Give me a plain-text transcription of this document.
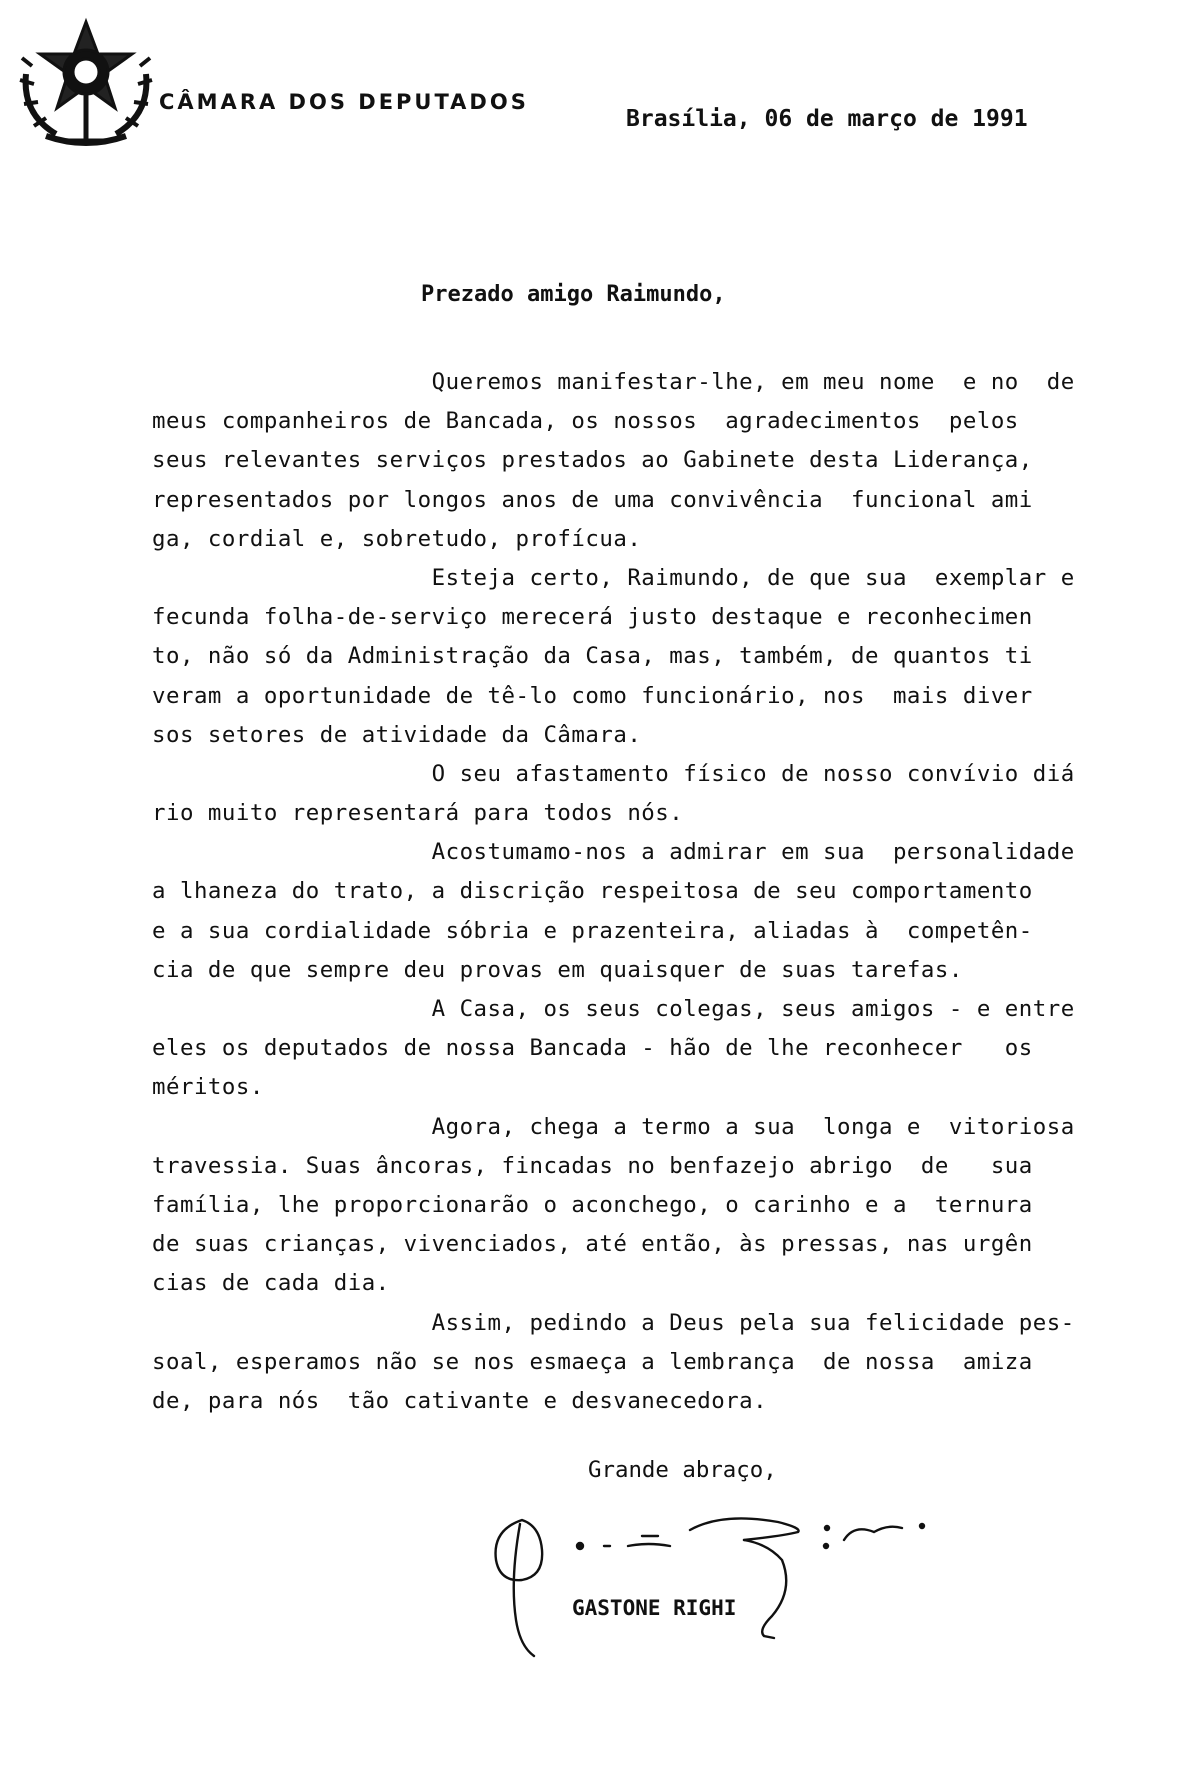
CÂMARA DOS DEPUTADOS
Brasília, 06 de março de 1991
Prezado amigo Raimundo,
Queremos manifestar-lhe, em meu nome  e no  de
meus companheiros de Bancada, os nossos  agradecimentos  pelos
seus relevantes serviços prestados ao Gabinete desta Liderança,
representados por longos anos de uma convivência  funcional ami
ga, cordial e, sobretudo, profícua.
Esteja certo, Raimundo, de que sua  exemplar e
fecunda folha-de-serviço merecerá justo destaque e reconhecimen
to, não só da Administração da Casa, mas, também, de quantos ti
veram a oportunidade de tê-lo como funcionário, nos  mais diver
sos setores de atividade da Câmara.
O seu afastamento físico de nosso convívio diá
rio muito representará para todos nós.
Acostumamo-nos a admirar em sua  personalidade
a lhaneza do trato, a discrição respeitosa de seu comportamento
e a sua cordialidade sóbria e prazenteira, aliadas à  competên-
cia de que sempre deu provas em quaisquer de suas tarefas.
A Casa, os seus colegas, seus amigos - e entre
eles os deputados de nossa Bancada - hão de lhe reconhecer   os
méritos.
Agora, chega a termo a sua  longa e  vitoriosa
travessia. Suas âncoras, fincadas no benfazejo abrigo  de   sua
família, lhe proporcionarão o aconchego, o carinho e a  ternura
de suas crianças, vivenciados, até então, às pressas, nas urgên
cias de cada dia.
Assim, pedindo a Deus pela sua felicidade pes-
soal, esperamos não se nos esmaeça a lembrança  de nossa  amiza
de, para nós  tão cativante e desvanecedora.
Grande abraço,
GASTONE RIGHI
